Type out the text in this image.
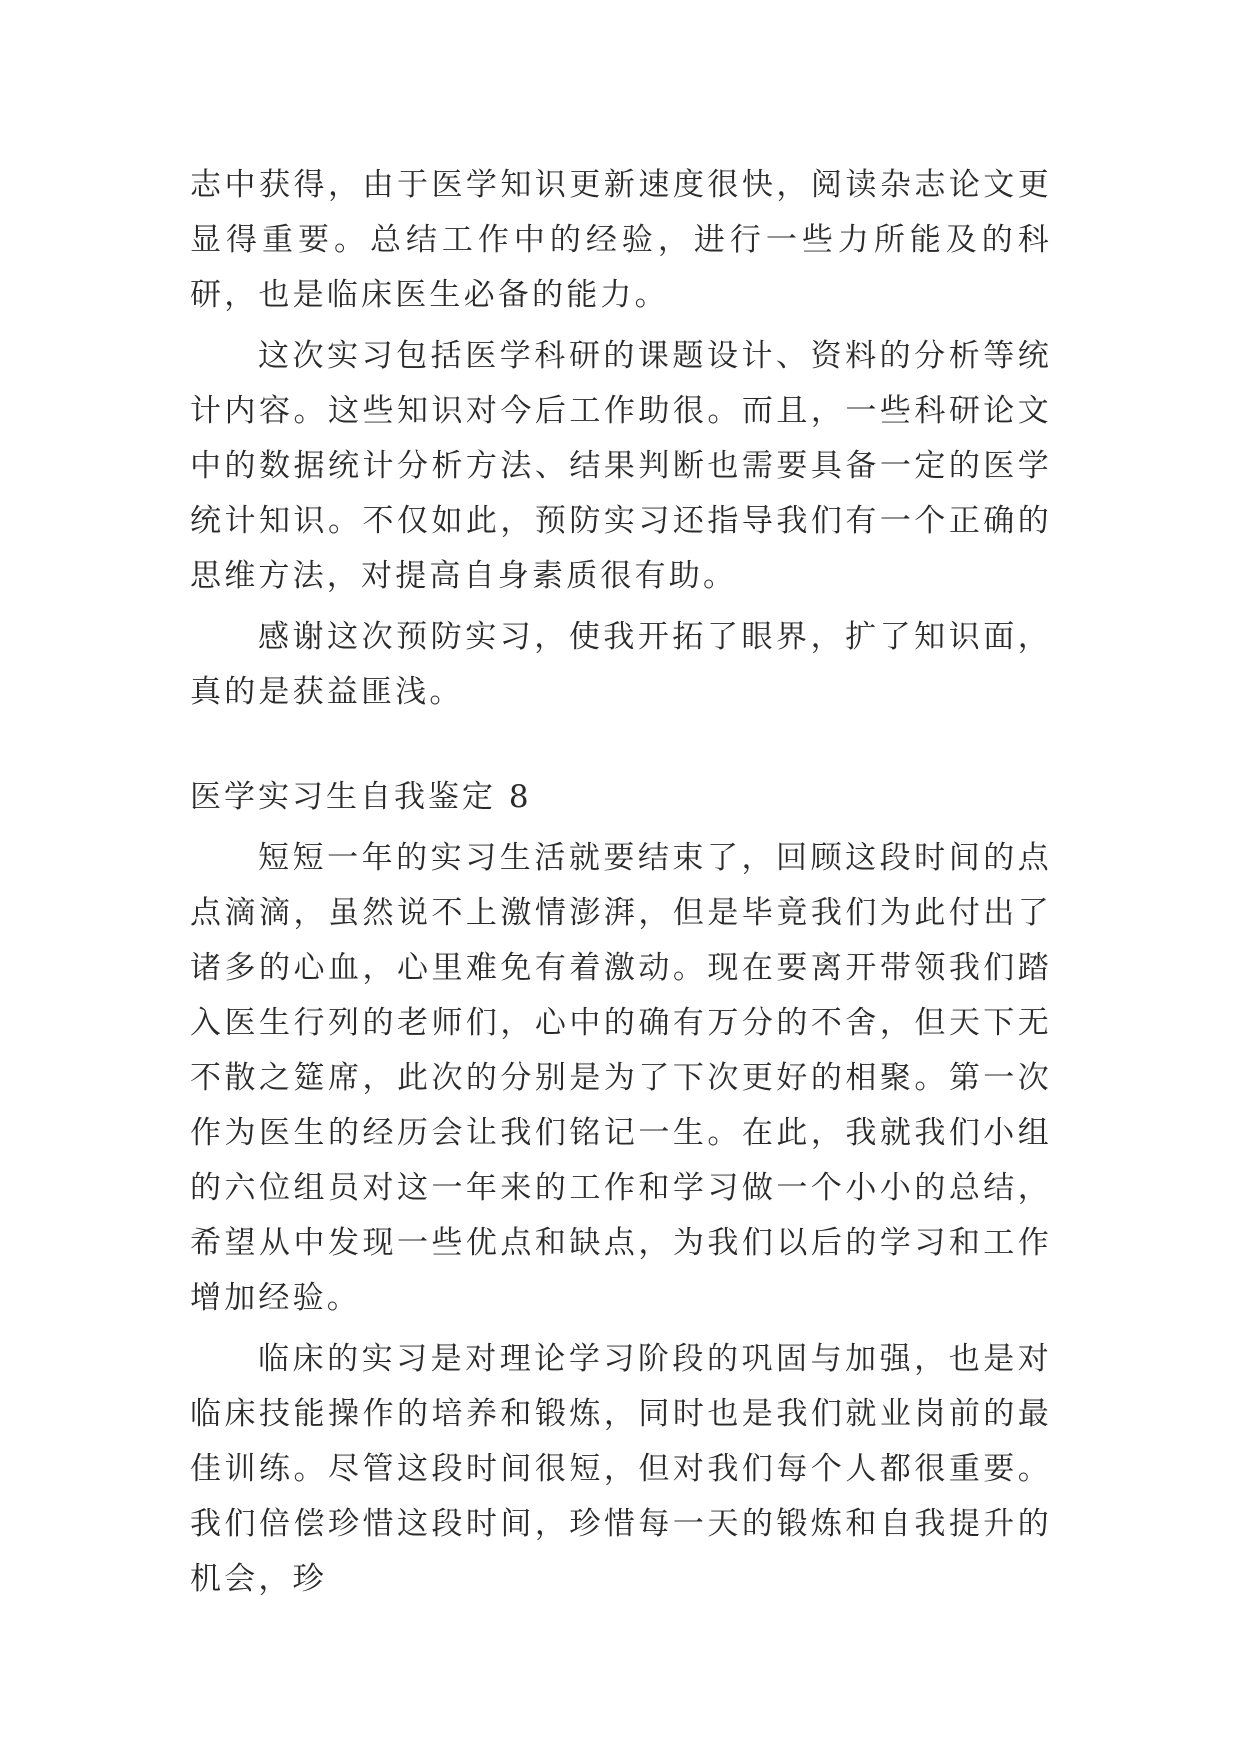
志中获得，由于医学知识更新速度很快，阅读杂志论文更显得重要。总结工作中的经验，进行一些力所能及的科研，也是临床医生必备的能力。

这次实习包括医学科研的课题设计、资料的分析等统计内容。这些知识对今后工作助很。而且，一些科研论文中的数据统计分析方法、结果判断也需要具备一定的医学统计知识。不仅如此，预防实习还指导我们有一个正确的思维方法，对提高自身素质很有助。

感谢这次预防实习，使我开拓了眼界，扩了知识面，真的是获益匪浅。

医学实习生自我鉴定 8

短短一年的实习生活就要结束了，回顾这段时间的点点滴滴，虽然说不上激情澎湃，但是毕竟我们为此付出了诸多的心血，心里难免有着激动。现在要离开带领我们踏入医生行列的老师们，心中的确有万分的不舍，但天下无不散之筵席，此次的分别是为了下次更好的相聚。第一次作为医生的经历会让我们铭记一生。在此，我就我们小组的六位组员对这一年来的工作和学习做一个小小的总结，希望从中发现一些优点和缺点，为我们以后的学习和工作增加经验。

临床的实习是对理论学习阶段的巩固与加强，也是对临床技能操作的培养和锻炼，同时也是我们就业岗前的最佳训练。尽管这段时间很短，但对我们每个人都很重要。我们倍偿珍惜这段时间，珍惜每一天的锻炼和自我提升的机会，珍
